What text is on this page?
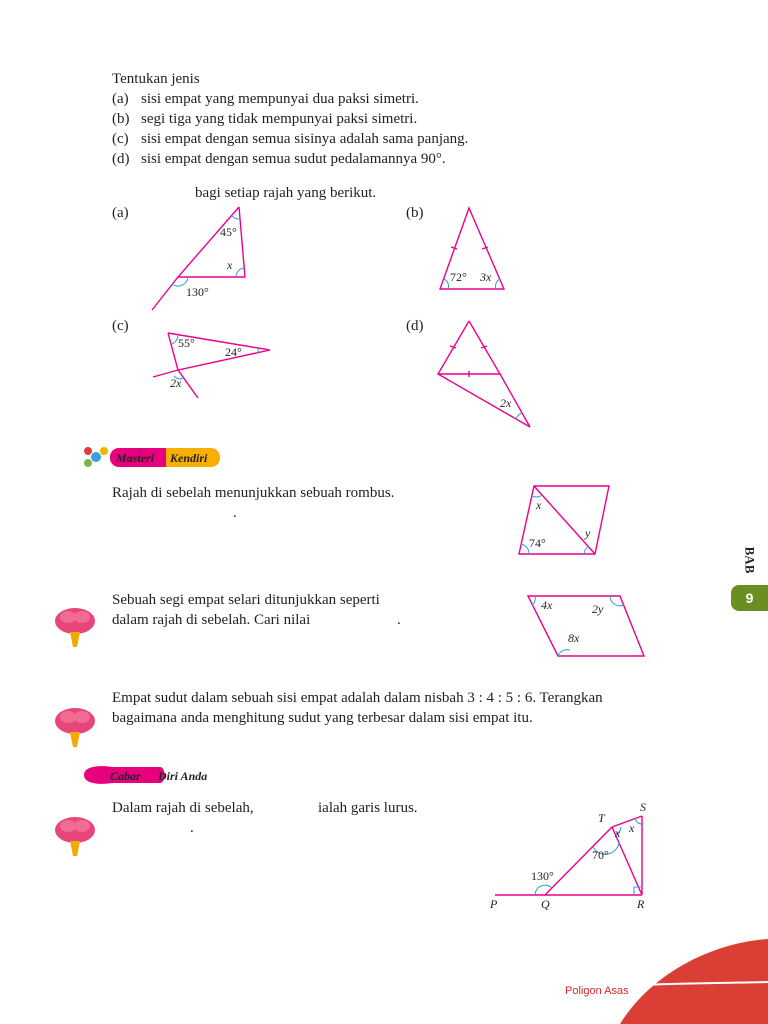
Tentukan jenis
(a) sisi empat yang mempunyai dua paksi simetri.
(b) segi tiga yang tidak mempunyai paksi simetri.
(c) sisi empat dengan semua sisinya adalah sama panjang.
(d) sisi empat dengan semua sudut pedalamannya 90°.
bagi setiap rajah yang berikut.
(a)	(b)
(c)	(d)
45°
x
130°
72° 3x
55°
24°
2x
2x
Masteri Kendiri
Rajah di sebelah menunjukkan sebuah rombus.
.	x
y
74°
Sebuah segi empat selari ditunjukkan seperti
dalam rajah di sebelah. Cari nilai	.
4x	2y
8x
Empat sudut dalam sebuah sisi empat adalah dalam nisbah 3 : 4 : 5 : 6. Terangkan
bagaimana anda menghitung sudut yang terbesar dalam sisi empat itu.
Cabar Diri Anda
Dalam rajah di sebelah,	ialah garis lurus.
.
T
S
P	Q	R
130°
70°
x x
BAB
9
Poligon Asas
